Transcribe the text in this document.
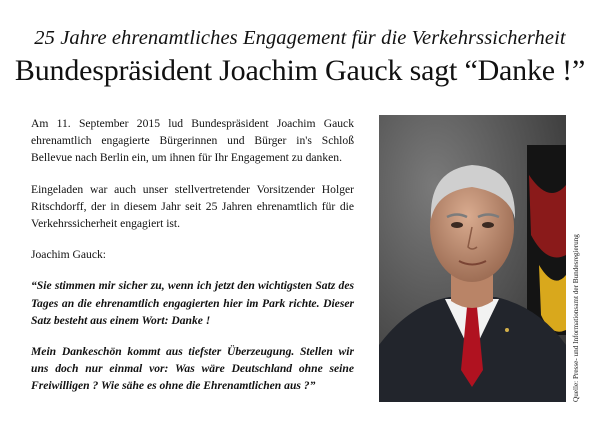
25 Jahre ehrenamtliches Engagement für die Verkehrssicherheit
Bundespräsident Joachim Gauck sagt “Danke !”

Am 11. September 2015 lud Bundespräsident Joachim Gauck ehrenamtlich engagierte Bürgerinnen und Bürger in's Schloß Bellevue nach Berlin ein, um ihnen für Ihr Engagement zu danken.

Eingeladen war auch unser stellvertretender Vorsitzender Holger Ritschdorff, der in diesem Jahr seit 25 Jahren ehrenamtlich für die Verkehrssicherheit engagiert ist.

Joachim Gauck:

“Sie stimmen mir sicher zu, wenn ich jetzt den wichtigsten Satz des Tages an die ehrenamtlich engagierten hier im Park richte. Dieser Satz besteht aus einem Wort: Danke !

Mein Dankeschön kommt aus tiefster Überzeugung. Stellen wir uns doch nur einmal vor: Was wäre Deutschland ohne seine Freiwilligen ? Wie sähe es ohne die Ehrenamtlichen aus ?”	Quelle: Presse- und Informationsamt der Bundesregierung
